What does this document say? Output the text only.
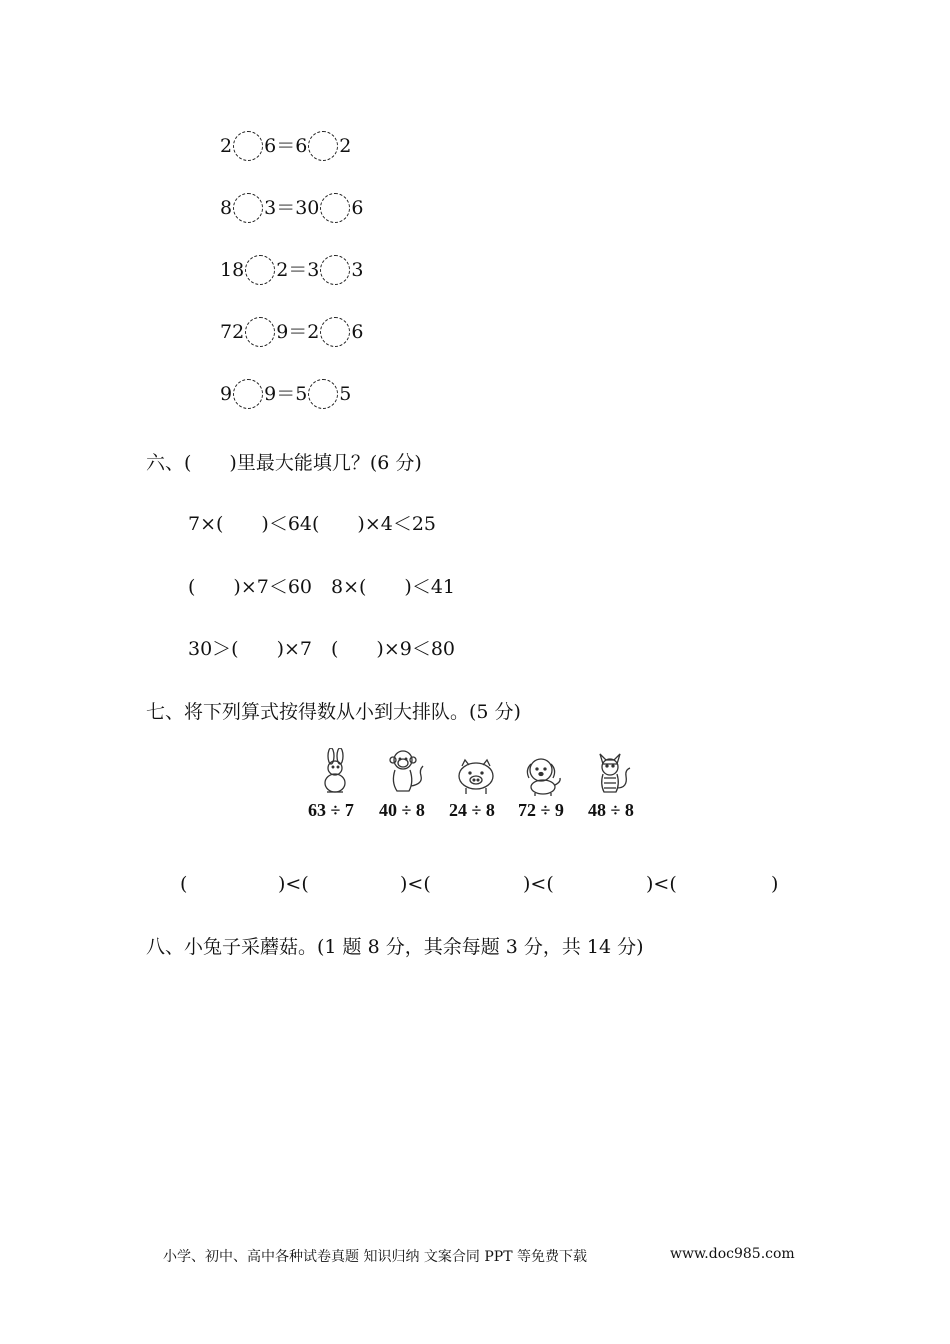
2 6 ＝ 6 2
8 3 ＝ 30 6
18 2 ＝ 3 3
72 9 ＝ 2 6
9 9 ＝ 5 5
六、(　　)里最大能填几？(6 分)
7×(　　)＜64(　　)×4＜25
(　　)×7＜60　8×(　　)＜41
30＞(　　)×7　(　　)×9＜80
七、将下列算式按得数从小到大排队。(5 分)
63 ÷ 7 40 ÷ 8 24 ÷ 8 72 ÷ 9 48 ÷ 8
(	)<(	)<(	)<(	)<(	)
八、小兔子采蘑菇。(1 题 8 分，其余每题 3 分，共 14 分)
小学、初中、高中各种试卷真题 知识归纳 文案合同 PPT 等免费下载	www.doc985.com
